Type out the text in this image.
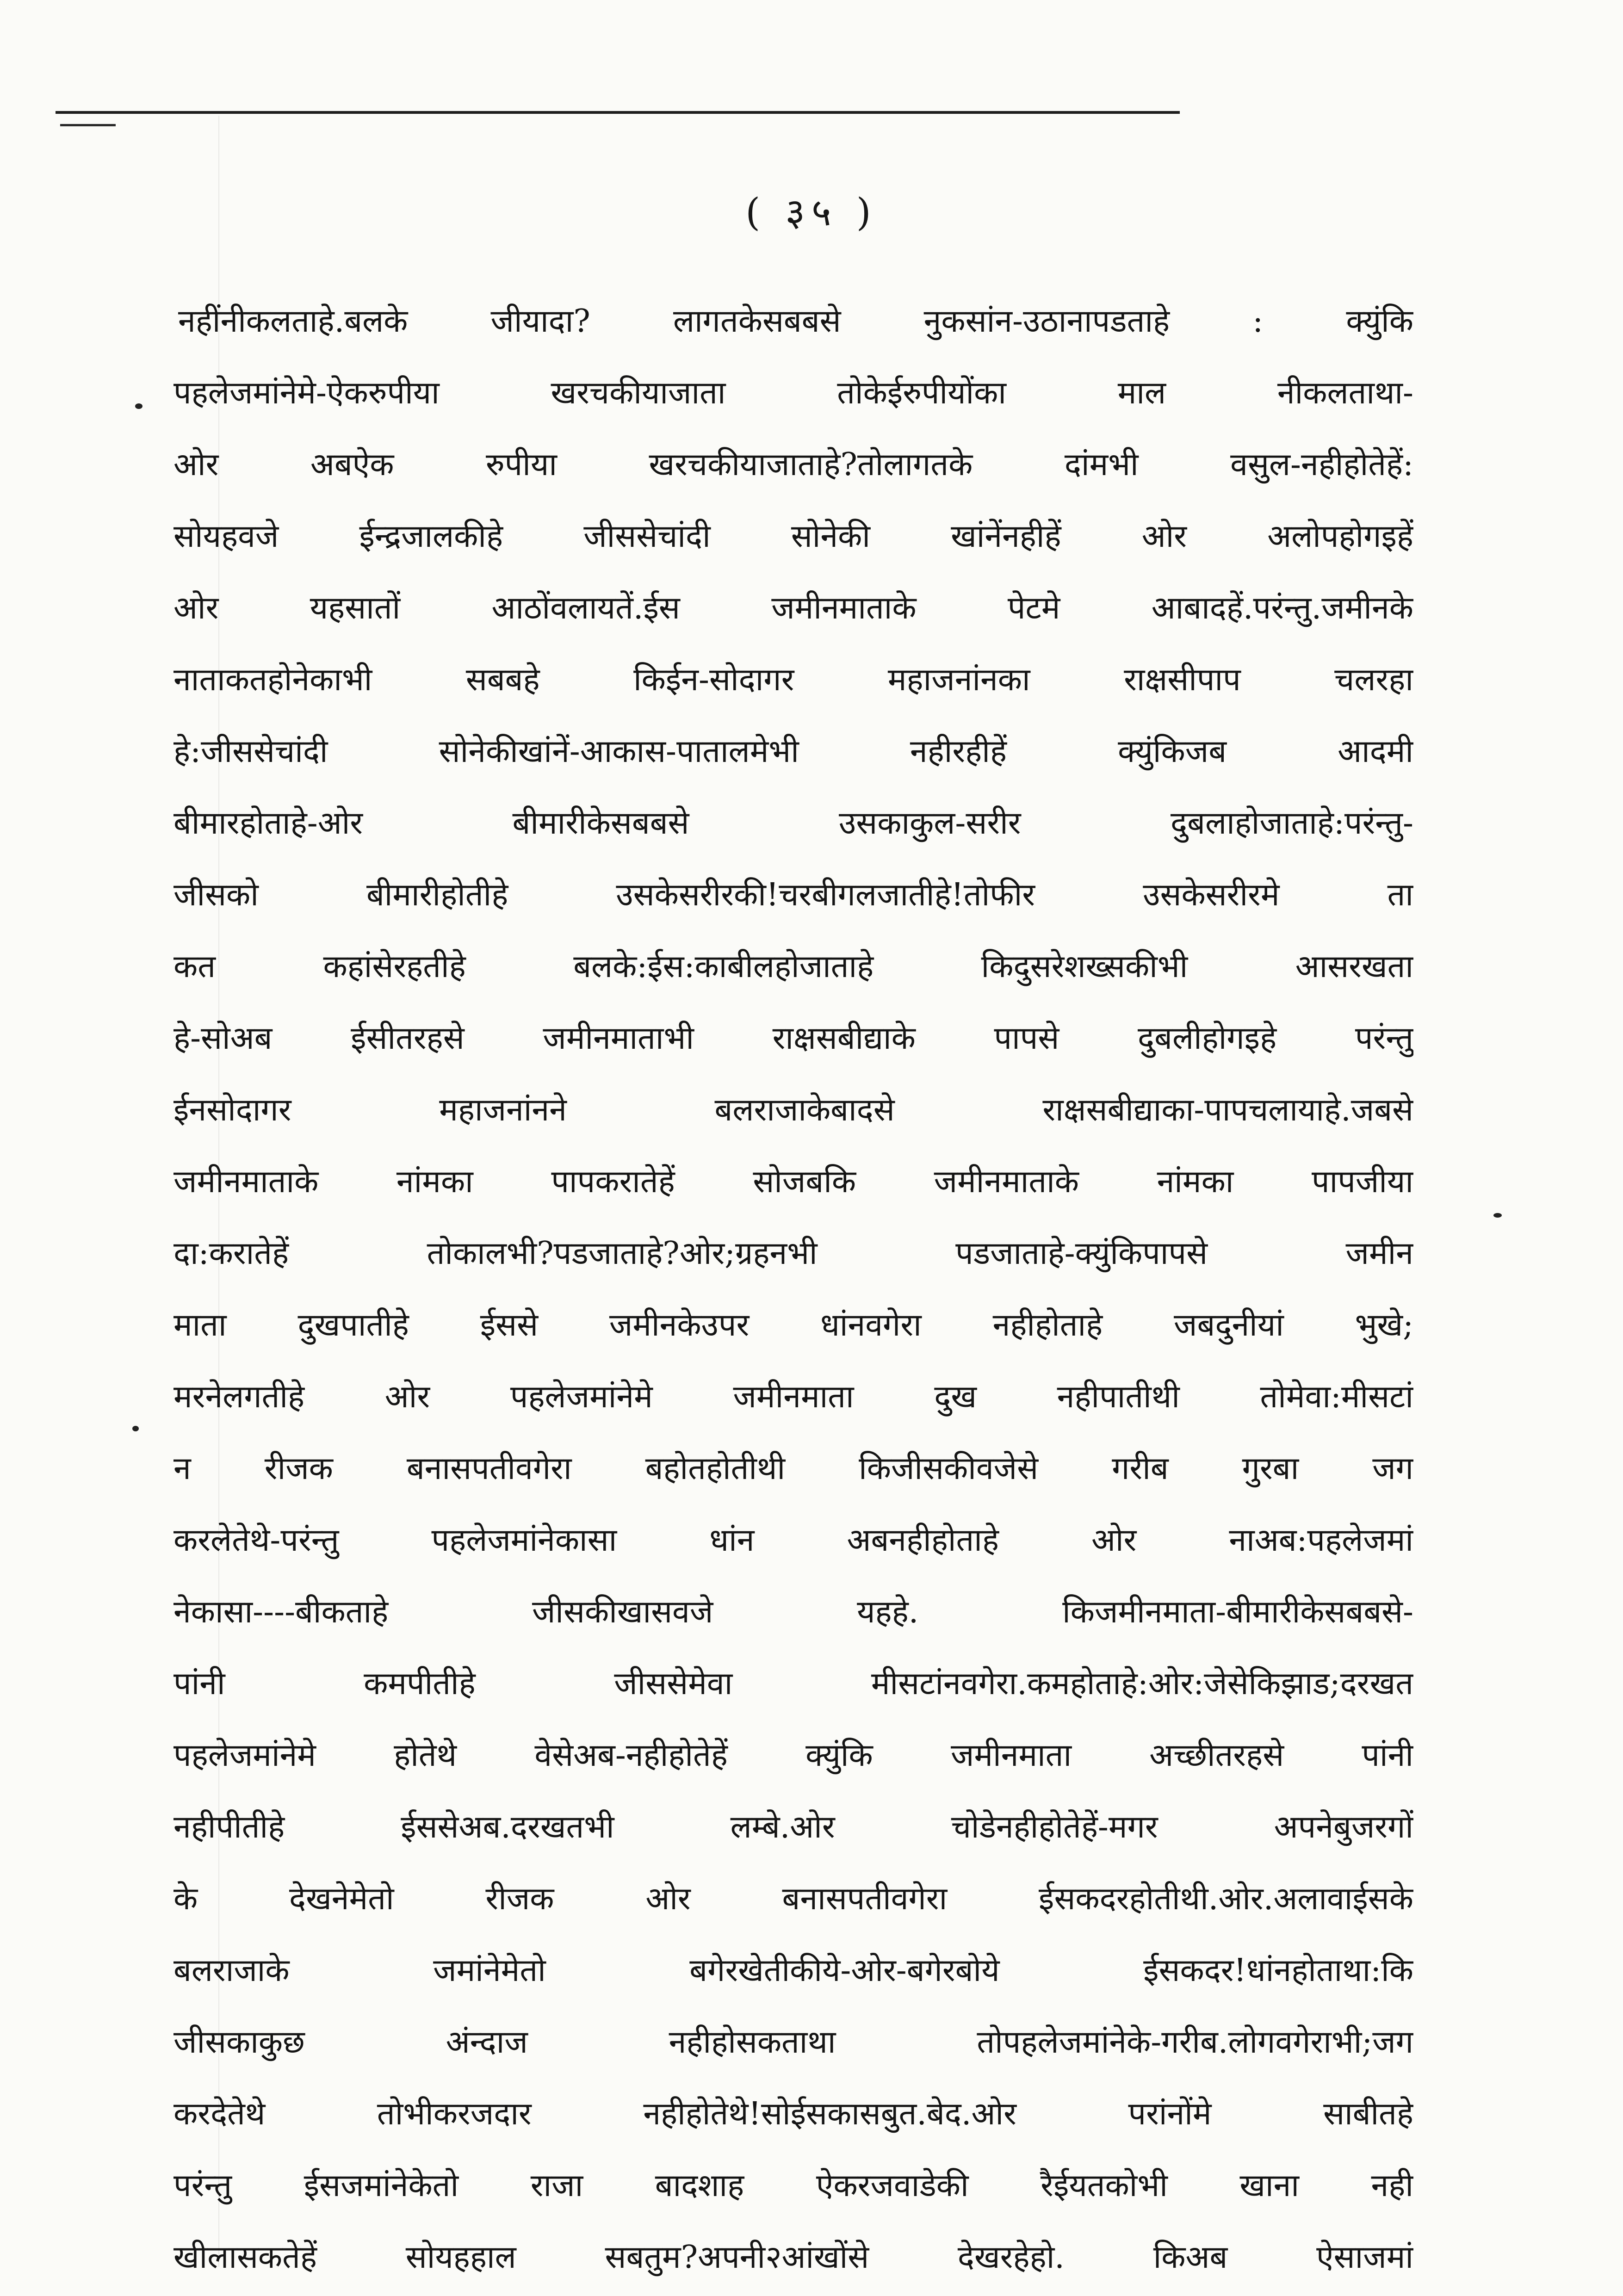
( ३५ )
नहींनीकलताहे.बलके जीयादा? लागतकेसबबसे नुकसांन-उठानापडताहे : क्युंकि
पहलेजमांनेमे-ऐकरुपीया खरचकीयाजाता तोकेईरुपीयोंका माल नीकलताथा-
ओर अबऐक रुपीया खरचकीयाजाताहे?तोलागतके दांमभी वसुल-नहीहोतेहें:
सोयहवजे ईन्द्रजालकीहे जीससेचांदी सोनेकी खांनेंनहीहें ओर अलोपहोगइहें
ओर यहसातों आठोंवलायतें.ईस जमीनमाताके पेटमे आबादहें.परंन्तु.जमीनके
नाताकतहोनेकाभी सबबहे किईन-सोदागर महाजनांनका राक्षसीपाप चलरहा
हे:जीससेचांदी सोनेकीखांनें-आकास-पातालमेभी नहीरहीहें क्युंकिजब आदमी
बीमारहोताहे-ओर बीमारीकेसबबसे उसकाकुल-सरीर दुबलाहोजाताहे:परंन्तु-
जीसको बीमारीहोतीहे उसकेसरीरकी!चरबीगलजातीहे!तोफीर उसकेसरीरमे ता
कत कहांसेरहतीहे बलके:ईस:काबीलहोजाताहे किदुसरेशख्सकीभी आसरखता
हे-सोअब ईसीतरहसे जमीनमाताभी राक्षसबीद्याके पापसे दुबलीहोगइहे परंन्तु
ईनसोदागर महाजनांनने बलराजाकेबादसे राक्षसबीद्याका-पापचलायाहे.जबसे
जमीनमाताके नांमका पापकरातेहें सोजबकि जमीनमाताके नांमका पापजीया
दा:करातेहें तोकालभी?पडजाताहे?ओर;ग्रहनभी पडजाताहे-क्युंकिपापसे जमीन
माता दुखपातीहे ईससे जमीनकेउपर धांनवगेरा नहीहोताहे जबदुनीयां भुखे;
मरनेलगतीहे ओर पहलेजमांनेमे जमीनमाता दुख नहीपातीथी तोमेवा:मीसटां
न रीजक बनासपतीवगेरा बहोतहोतीथी किजीसकीवजेसे गरीब गुरबा जग
करलेतेथे-परंन्तु पहलेजमांनेकासा धांन अबनहीहोताहे ओर नाअब:पहलेजमां
नेकासा----बीकताहे जीसकीखासवजे यहहे. किजमीनमाता-बीमारीकेसबबसे-
पांनी कमपीतीहे जीससेमेवा मीसटांनवगेरा.कमहोताहे:ओर:जेसेकिझाड;दरखत
पहलेजमांनेमे होतेथे वेसेअब-नहीहोतेहें क्युंकि जमीनमाता अच्छीतरहसे पांनी
नहीपीतीहे ईससेअब.दरखतभी लम्बे.ओर चोडेनहीहोतेहें-मगर अपनेबुजरगों
के देखनेमेतो रीजक ओर बनासपतीवगेरा ईसकदरहोतीथी.ओर.अलावाईसके
बलराजाके जमांनेमेतो बगेरखेतीकीये-ओर-बगेरबोये ईसकदर!धांनहोताथा:कि
जीसकाकुछ अंन्दाज नहीहोसकताथा तोपहलेजमांनेके-गरीब.लोगवगेराभी;जग
करदेतेथे तोभीकरजदार नहीहोतेथे!सोईसकासबुत.बेद.ओर परांनोंमे साबीतहे
परंन्तु ईसजमांनेकेतो राजा बादशाह ऐकरजवाडेकी रैईयतकोभी खाना नही
खीलासकतेहें सोयहहाल सबतुम?अपनी२आंखोंसे देखरहेहो. किअब ऐसाजमां
